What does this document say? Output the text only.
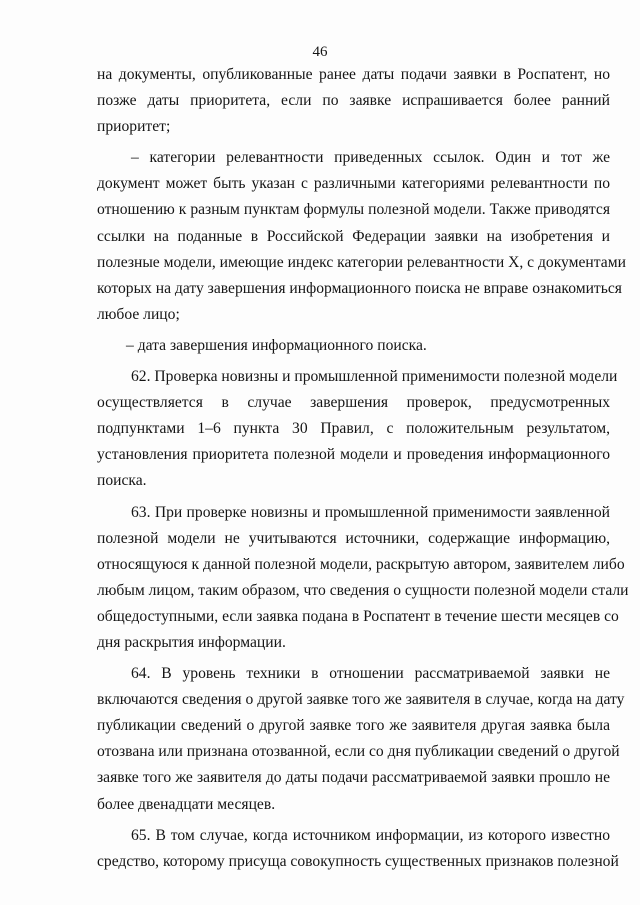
46
на документы, опубликованные ранее даты подачи заявки в Роспатент, но
позже даты приоритета, если по заявке испрашивается более ранний
приоритет;
– категории релевантности приведенных ссылок. Один и тот же
документ может быть указан с различными категориями релевантности по
отношению к разным пунктам формулы полезной модели. Также приводятся
ссылки на поданные в Российской Федерации заявки на изобретения и
полезные модели, имеющие индекс категории релевантности X, с документами
которых на дату завершения информационного поиска не вправе ознакомиться
любое лицо;
– дата завершения информационного поиска.
62. Проверка новизны и промышленной применимости полезной модели
осуществляется в случае завершения проверок, предусмотренных
подпунктами 1–6 пункта 30 Правил, с положительным результатом,
установления приоритета полезной модели и проведения информационного
поиска.
63. При проверке новизны и промышленной применимости заявленной
полезной модели не учитываются источники, содержащие информацию,
относящуюся к данной полезной модели, раскрытую автором, заявителем либо
любым лицом, таким образом, что сведения о сущности полезной модели стали
общедоступными, если заявка подана в Роспатент в течение шести месяцев со
дня раскрытия информации.
64. В уровень техники в отношении рассматриваемой заявки не
включаются сведения о другой заявке того же заявителя в случае, когда на дату
публикации сведений о другой заявке того же заявителя другая заявка была
отозвана или признана отозванной, если со дня публикации сведений о другой
заявке того же заявителя до даты подачи рассматриваемой заявки прошло не
более двенадцати месяцев.
65. В том случае, когда источником информации, из которого известно
средство, которому присуща совокупность существенных признаков полезной
